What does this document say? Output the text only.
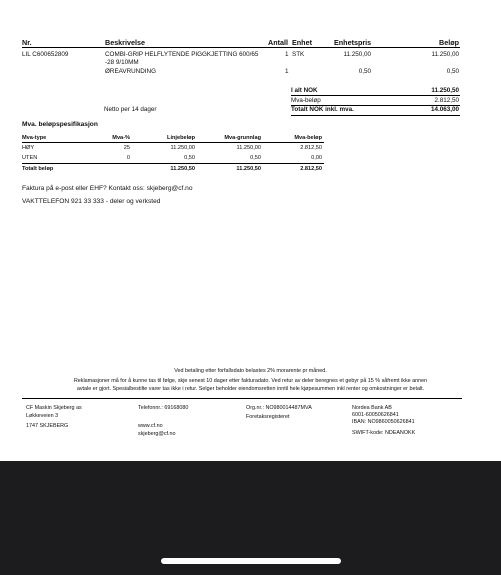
Nr.	Beskrivelse	Antall Enhet	Enhetspris	Beløp
LIL C600652809	COMBI-GRIP HELFLYTENDE PIGGKJETTING 600/65
-28 9/10MM
1 STK	11.250,00	11.250,00
ØREAVRUNDING	1	0,50	0,50
I alt NOK	11.250,50
Mva-beløp	2.812,50
Totalt NOK inkl. mva.	14.063,00
Netto per 14 dager
Mva. beløpspesifikasjon
Mva-type	Mva-%	Linjebeløp	Mva-grunnlag	Mva-beløp
HØY	25	11.250,00	11.250,00	2.812,50
UTEN	0	0,50	0,50	0,00
Totalt beløp	11.250,50	11.250,50	2.812,50
Faktura på e-post eller EHF? Kontakt oss: skjeberg@cf.no
VAKTTELEFON 921 33 333 - deler og verksted
Ved betaling etter forfallsdato belastes 2% morarente pr måned.
Reklamasjoner må for å kunne tas til følge, skje senest 10 dager etter fakturadato. Ved retur av deler beregnes et gebyr på 15 % såfremt ikke annen
avtale er gjort. Spesialbestilte varer tas ikke i retur. Selger beholder eiendomsretten inntil hele kjøpesummen inkl renter og omkostninger er betalt.
CF Maskin Skjeberg as
Løkkeveien 3
1747 SKJEBERG
Telefonnr.: 69168080
www.cf.no
skjeberg@cf.no
Org.nr.: NO980014487MVA
Foretaksregisteret
Nordea Bank AB
6001-60050626841
IBAN: NO9860050626841
SWIFT-kode: NDEANOKK
